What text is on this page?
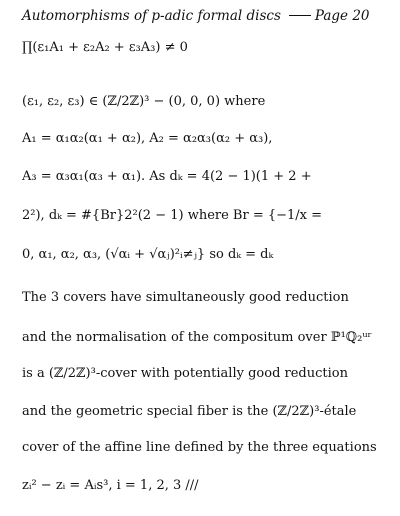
Automorphisms of p-adic formal discs	Page 20
∏(ε₁A₁ + ε₂A₂ + ε₃A₃) ≠ 0
(ε₁, ε₂, ε₃) ∈ (ℤ/2ℤ)³ − (0, 0, 0) where
A₁ = α₁α₂(α₁ + α₂), A₂ = α₂α₃(α₂ + α₃),
A₃ = α₃α₁(α₃ + α₁). As dₖ = 4(2 − 1)(1 + 2 +
2²), dₖ = #{Br}2²(2 − 1) where Br = {−1/x =
0, α₁, α₂, α₃, (√αᵢ + √αⱼ)²ᵢ≠ⱼ} so dₖ = dₖ
The 3 covers have simultaneously good reduction
and the normalisation of the compositum over ℙ¹ℚ₂ᵘʳ
is a (ℤ/2ℤ)³-cover with potentially good reduction
and the geometric special fiber is the (ℤ/2ℤ)³-étale
cover of the affine line defined by the three equations
zᵢ² − zᵢ = Aᵢs³, i = 1, 2, 3 ///
